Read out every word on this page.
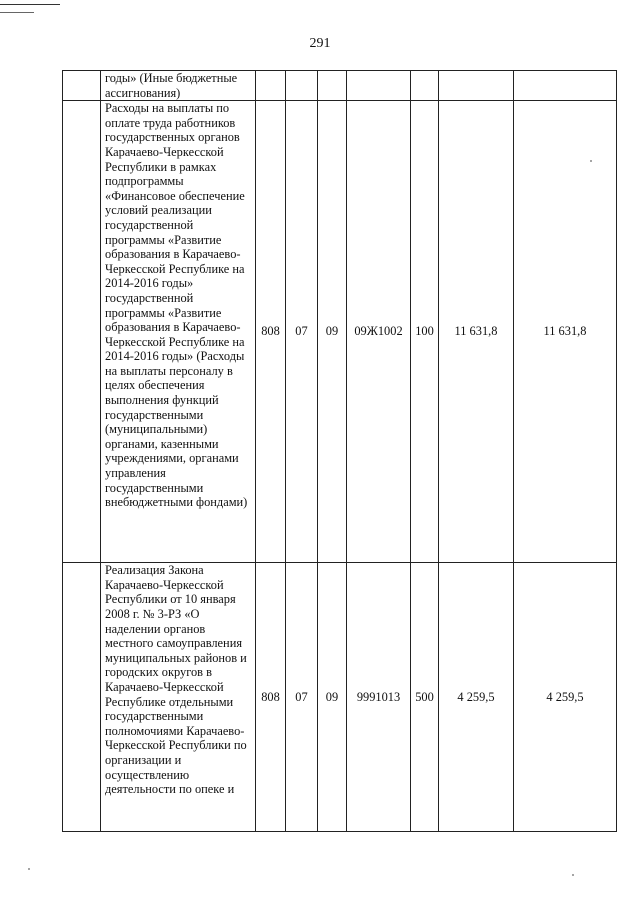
291
	годы» (Иные бюджетные ассигнования)							
	Расходы на выплаты по оплате труда работников государственных органов Карачаево-Черкесской Республики в рамках подпрограммы «Финансовое обеспечение условий реализации государственной программы «Развитие образования в Карачаево-Черкесской Республике на 2014-2016 годы» государственной программы «Развитие образования в Карачаево-Черкесской Республике на 2014-2016 годы» (Расходы на выплаты персоналу в целях обеспечения выполнения функций государственными (муниципальными) органами, казенными учреждениями, органами управления государственными внебюджетными фондами)	808	07	09	09Ж1002	100	11 631,8	11 631,8
	Реализация Закона Карачаево-Черкесской Республики от 10 января 2008 г. № 3-РЗ «О наделении органов местного самоуправления муниципальных районов и городских округов в Карачаево-Черкесской Республике отдельными государственными полномочиями Карачаево-Черкесской Республики по организации и осуществлению деятельности по опеке и	808	07	09	9991013	500	4 259,5	4 259,5
